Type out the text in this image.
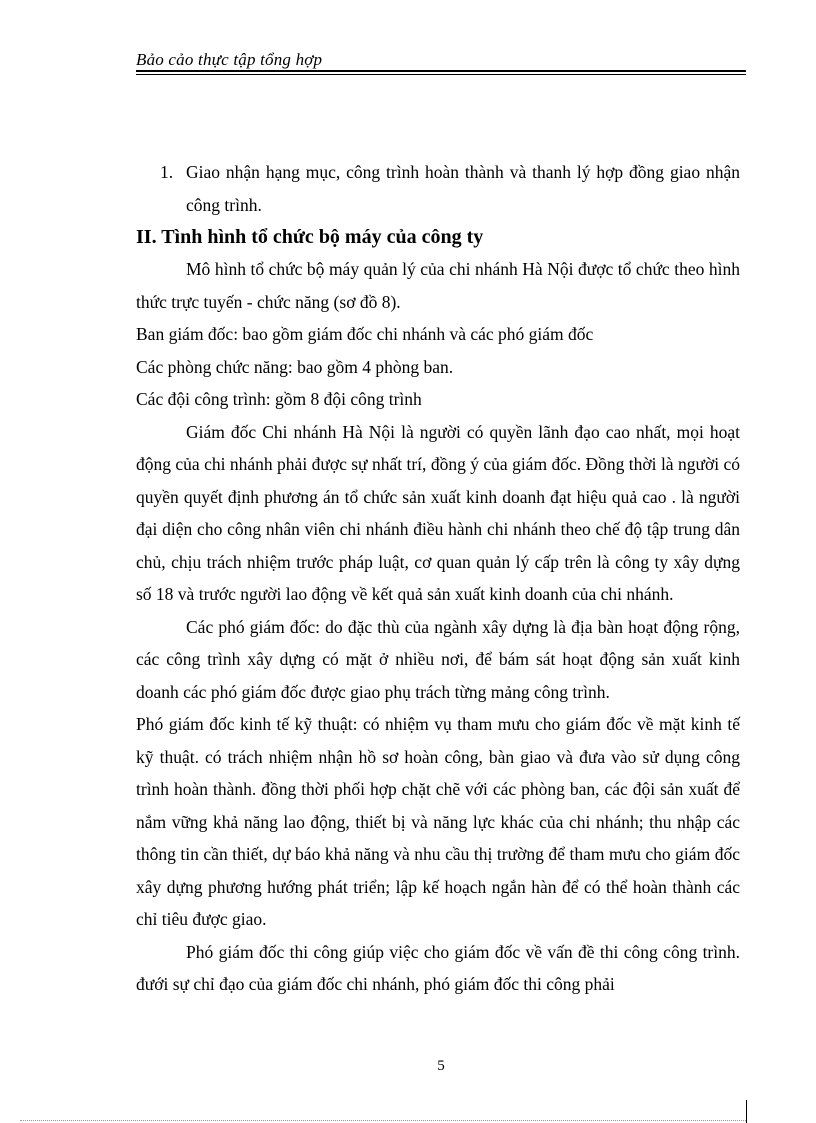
Bảo cảo thực tập tổng hợp
1. Giao nhận hạng mục, công trình hoàn thành và thanh lý hợp đồng giao nhận công trình.
II. Tình hình tổ chức bộ máy của công ty

Mô hình tổ chức bộ máy quản lý của chi nhánh Hà Nội được tổ chức theo hình thức trực tuyến - chức năng (sơ đồ 8).

Ban giám đốc: bao gồm giám đốc chi nhánh và các phó giám đốc

Các phòng chức năng: bao gồm 4 phòng ban.

Các đội công trình: gồm 8 đội công trình

Giám đốc Chi nhánh Hà Nội là người có quyền lãnh đạo cao nhất, mọi hoạt động của chi nhánh phải được sự nhất trí, đồng ý của giám đốc. Đồng thời là người có quyền quyết định phương án tổ chức sản xuất kinh doanh đạt hiệu quả cao . là người đại diện cho công nhân viên chi nhánh điều hành chi nhánh theo chế độ tập trung dân chủ, chịu trách nhiệm trước pháp luật, cơ quan quản lý cấp trên là công ty xây dựng số 18 và trước người lao động về kết quả sản xuất kinh doanh của chi nhánh.

Các phó giám đốc: do đặc thù của ngành xây dựng là địa bàn hoạt động rộng, các công trình xây dựng có mặt ở nhiều nơi, để bám sát hoạt động sản xuất kinh doanh các phó giám đốc được giao phụ trách từng mảng công trình.

Phó giám đốc kinh tế kỹ thuật: có nhiệm vụ tham mưu cho giám đốc về mặt kinh tế kỹ thuật. có trách nhiệm nhận hồ sơ hoàn công, bàn giao và đưa vào sử dụng công trình hoàn thành. đồng thời phối hợp chặt chẽ với các phòng ban, các đội sản xuất để nắm vững khả năng lao động, thiết bị và năng lực khác của chi nhánh; thu nhập các thông tin cần thiết, dự báo khả năng và nhu cầu thị trường để tham mưu cho giám đốc xây dựng phương hướng phát triển; lập kế hoạch ngắn hàn để có thể hoàn thành các chỉ tiêu được giao.

Phó giám đốc thi công giúp việc cho giám đốc về vấn đề thi công công trình. đưới sự chỉ đạo của giám đốc chi nhánh, phó giám đốc thi công phải

5
